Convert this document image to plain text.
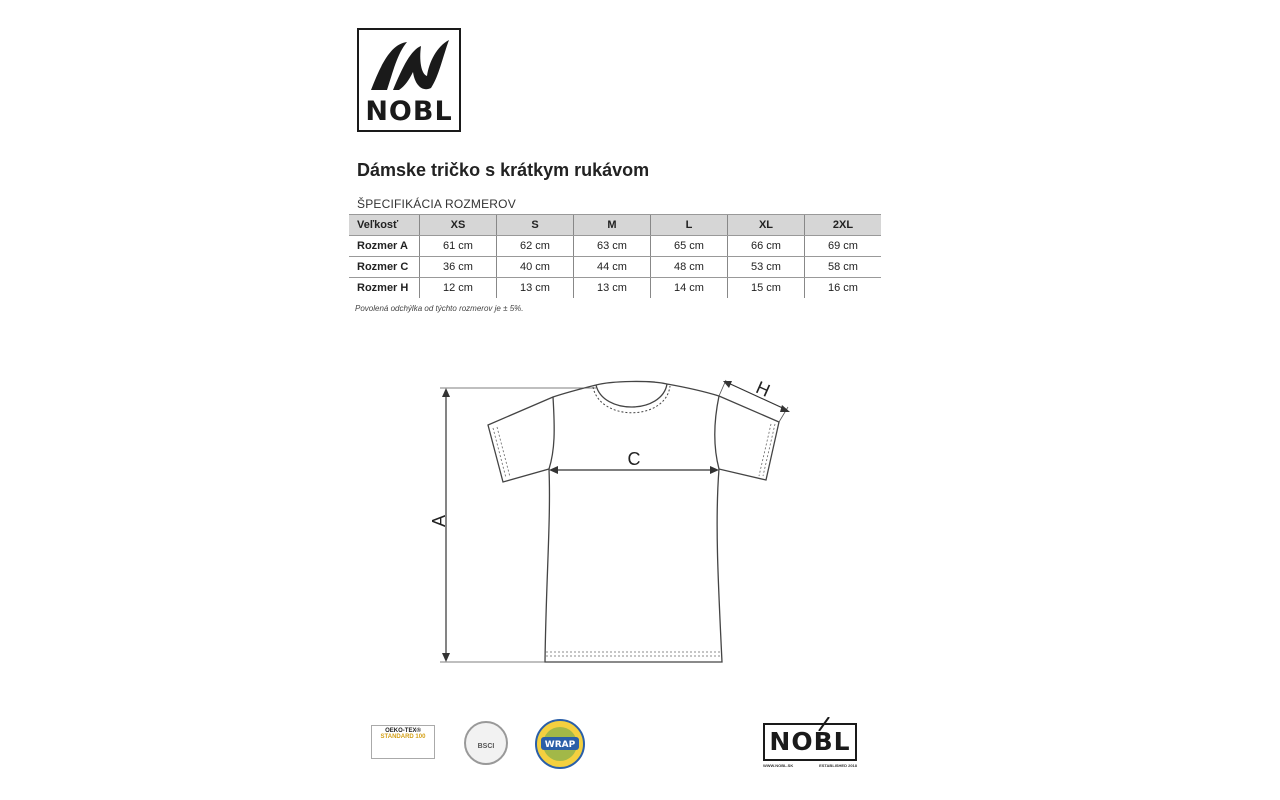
NOBL
Dámske tričko s krátkym rukávom
ŠPECIFIKÁCIA ROZMEROV
Veľkosť	XS	S	M	L	XL	2XL
Rozmer A	61 cm	62 cm	63 cm	65 cm	66 cm	69 cm
Rozmer C	36 cm	40 cm	44 cm	48 cm	53 cm	58 cm
Rozmer H	12 cm	13 cm	13 cm	14 cm	15 cm	16 cm
Povolená odchýlka od týchto rozmerov je ± 5%.
A
C
H
OEKO-TEX®
STANDARD 100
BSCI	WRAP	NOBL
WWW.NOBL.SK	ESTABLISHED 2018
